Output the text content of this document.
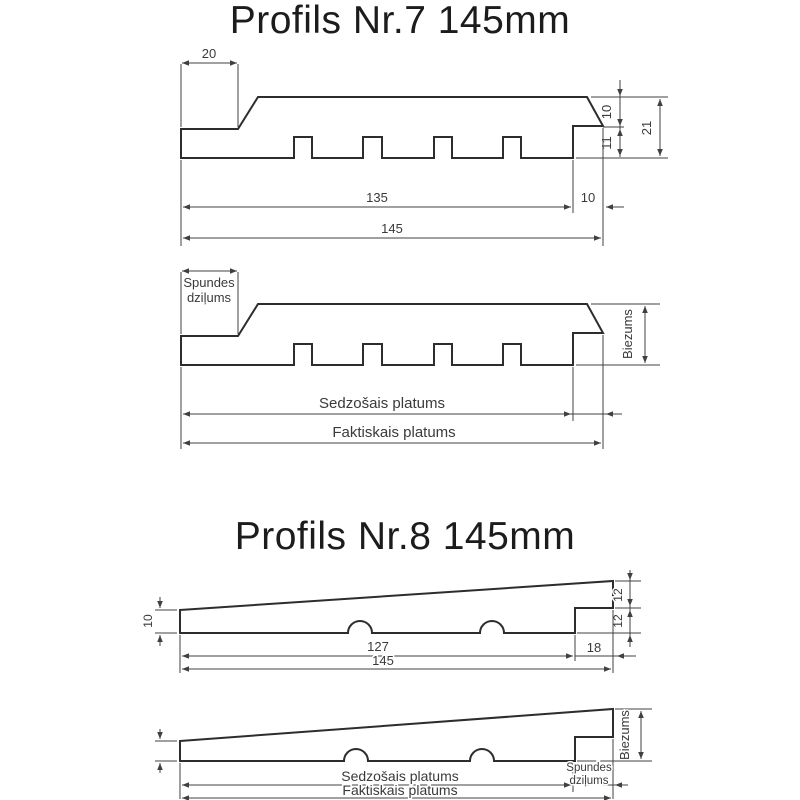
Profils Nr.7 145mm
20
10
11
21
135	10
145
Spundes
dziļums
Biezums
Sedzošais platums
Faktiskais platums
Profils Nr.8 145mm
10
12
12
127	18
145
Biezums
Sedzošais platums	Spundes
dziļums
Faktiskais platums
